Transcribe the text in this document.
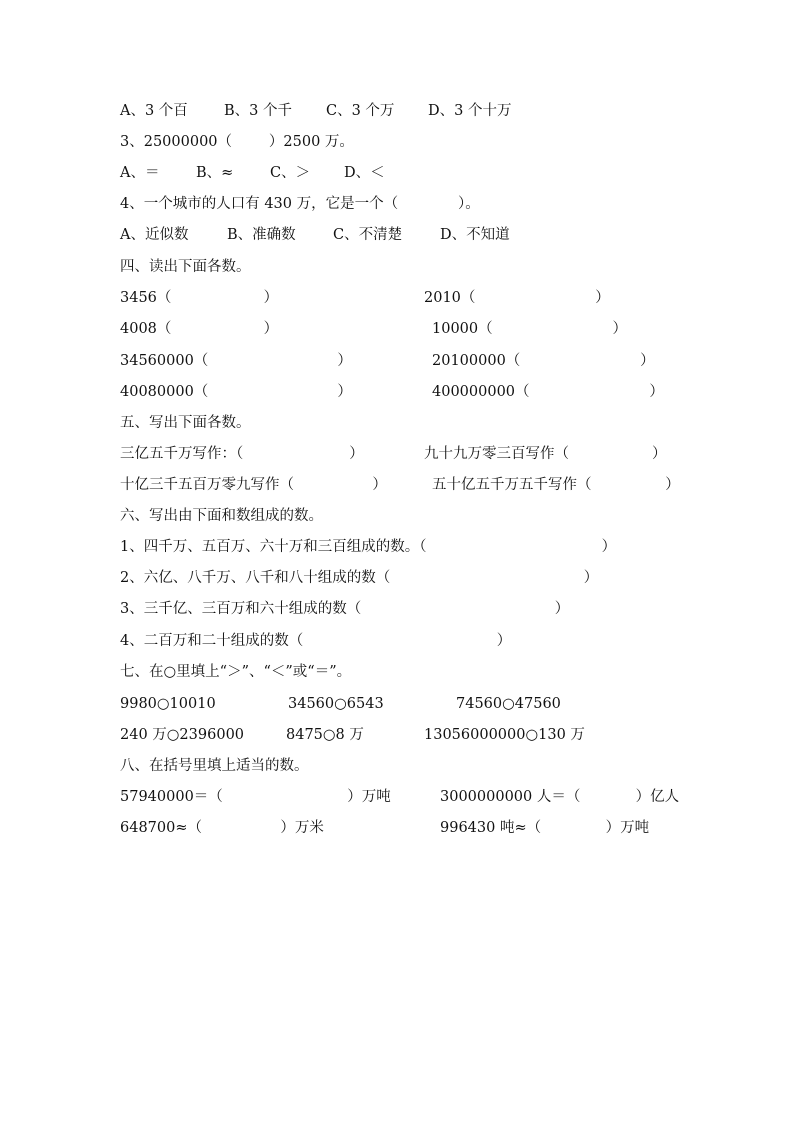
A、3 个百 B、3 个千 C、3 个万 D、3 个十万
3、25000000（        ）2500 万。
A、＝	B、≈	C、＞ D、＜
4、一个城市的人口有 430 万，它是一个（             ）。
A、近似数	B、准确数	C、不清楚	D、不知道
四、读出下面各数。
3456（                    ）	2010（                          ）
4008（                    ）	10000（                          ）
34560000（                            ）	20100000（                          ）
40080000（                            ）	400000000（                          ）
五、写出下面各数。
三亿五千万写作：（                       ）	九十九万零三百写作（                  ）
十亿三千五百万零九写作（                 ）	五十亿五千万五千写作（                ）
六、写出由下面和数组成的数。
1、四千万、五百万、六十万和三百组成的数。（                                      ）
2、六亿、八千万、八千和八十组成的数（                                          ）
3、三千亿、三百万和六十组成的数（                                          ）
4、二百万和二十组成的数（                                          ）
七、在○里填上“＞”、“＜”或“＝”。
9980○10010	34560○6543	74560○47560
240 万○2396000	8475○8 万	13056000000○130 万
八、在括号里填上适当的数。
57940000＝（                           ）万吨	3000000000 人＝（            ）亿人
648700≈（                 ）万米	996430 吨≈（              ）万吨
